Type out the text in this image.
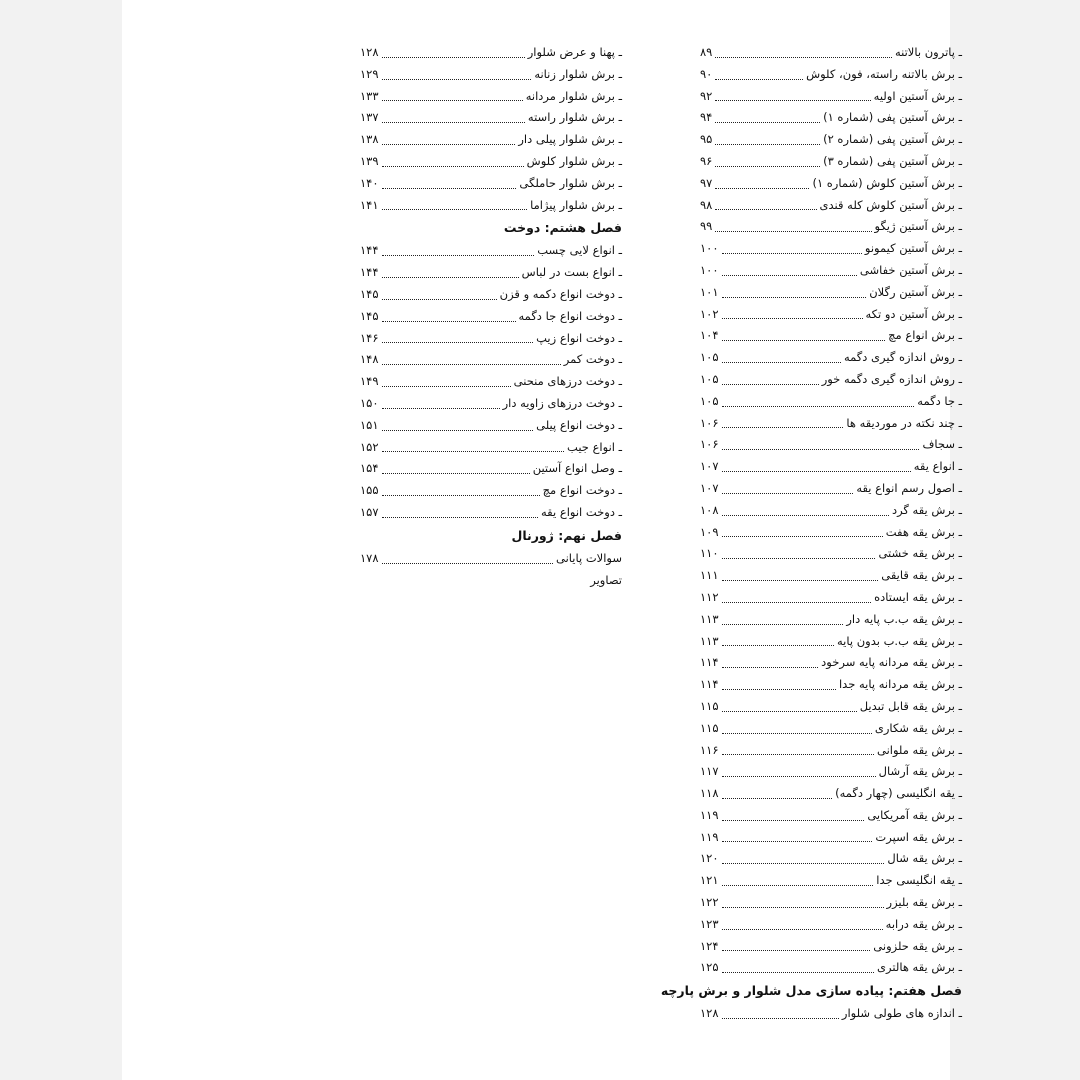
ـ پاترون بالاتنه
۸۹
ـ برش بالاتنه راسته، فون، کلوش
۹۰
ـ برش آستین اولیه
۹۲
ـ برش آستین پفی (شماره ۱)
۹۴
ـ برش آستین پفی (شماره ۲)
۹۵
ـ برش آستین پفی (شماره ۳)
۹۶
ـ برش آستین کلوش (شماره ۱)
۹۷
ـ برش آستین کلوش کله قندی
۹۸
ـ برش آستین ژیگو
۹۹
ـ برش آستین کیمونو
۱۰۰
ـ برش آستین خفاشی
۱۰۰
ـ برش آستین رگلان
۱۰۱
ـ برش آستین دو تکه
۱۰۲
ـ برش انواع مچ
۱۰۴
ـ روش اندازه گیری دگمه
۱۰۵
ـ روش اندازه گیری دگمه خور
۱۰۵
ـ جا دگمه
۱۰۵
ـ چند نکته در موردیقه ها
۱۰۶
ـ سجاف
۱۰۶
ـ انواع یقه
۱۰۷
ـ اصول رسم انواع یقه
۱۰۷
ـ برش یقه گرد
۱۰۸
ـ برش یقه هفت
۱۰۹
ـ برش یقه خشتی
۱۱۰
ـ برش یقه قایقی
۱۱۱
ـ برش یقه ایستاده
۱۱۲
ـ برش یقه ب.ب پایه دار
۱۱۳
ـ برش یقه ب.ب بدون پایه
۱۱۳
ـ برش یقه مردانه پایه سرخود
۱۱۴
ـ برش یقه مردانه پایه جدا
۱۱۴
ـ برش یقه قابل تبدیل
۱۱۵
ـ برش یقه شکاری
۱۱۵
ـ برش یقه ملوانی
۱۱۶
ـ برش یقه آرشال
۱۱۷
ـ یقه انگلیسی (چهار دگمه)
۱۱۸
ـ برش یقه آمریکایی
۱۱۹
ـ برش یقه اسپرت
۱۱۹
ـ برش یقه شال
۱۲۰
ـ یقه انگلیسی جدا
۱۲۱
ـ برش یقه بلیزر
۱۲۲
ـ برش یقه درابه
۱۲۳
ـ برش یقه حلزونی
۱۲۴
ـ برش یقه هالتری
۱۲۵
فصل هفتم: پیاده سازی مدل شلوار و برش پارچه
ـ اندازه های طولی شلوار
۱۲۸
ـ پهنا و عرض شلوار
۱۲۸
ـ برش شلوار زنانه
۱۲۹
ـ برش شلوار مردانه
۱۳۳
ـ برش شلوار راسته
۱۳۷
ـ برش شلوار پیلی دار
۱۳۸
ـ برش شلوار کلوش
۱۳۹
ـ برش شلوار حاملگی
۱۴۰
ـ برش شلوار پیژاما
۱۴۱
فصل هشتم: دوخت
ـ انواع لایی چسب
۱۴۴
ـ انواع بست در لباس
۱۴۴
ـ دوخت انواع دکمه و قزن
۱۴۵
ـ دوخت انواع جا دگمه
۱۴۵
ـ دوخت انواع زیپ
۱۴۶
ـ دوخت کمر
۱۴۸
ـ دوخت درزهای منحنی
۱۴۹
ـ دوخت درزهای زاویه دار
۱۵۰
ـ دوخت انواع پیلی
۱۵۱
ـ انواع جیب
۱۵۲
ـ وصل انواع آستین
۱۵۴
ـ دوخت انواع مچ
۱۵۵
ـ دوخت انواع یقه
۱۵۷
فصل نهم: ژورنال
سوالات پایانی
۱۷۸
تصاویر
